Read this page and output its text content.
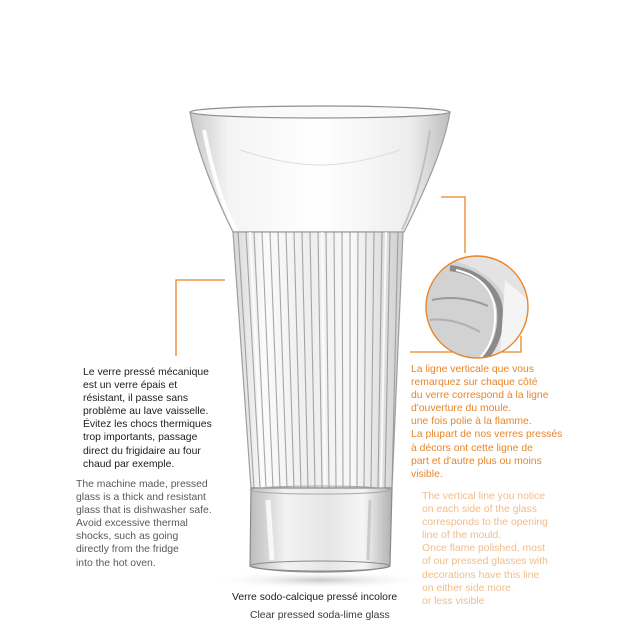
Le verre pressé mécanique
est un verre épais et
résistant, il passe sans
problème au lave vaisselle.
Évitez les chocs thermiques
trop importants, passage
direct du frigidaire au four
chaud par exemple.

The machine made, pressed
glass is a thick and resistant
glass that is dishwasher safe.
Avoid excessive thermal
shocks, such as going
directly from the fridge
into the hot oven.

La ligne verticale que vous
remarquez sur chaque côté
du verre correspond à la ligne
d'ouverture du moule.
une fois polie à la flamme.
La plupart de nos verres pressés
à décors ont cette ligne de
part et d'autre plus ou moins
visible.

The vertical line you notice
on each side of the glass
corresponds to the opening
line of the mould.
Once flame polished, most
of our pressed glasses with
decorations have this line
on either side more
or less visible

Verre sodo-calcique pressé incolore

Clear pressed soda-lime glass
